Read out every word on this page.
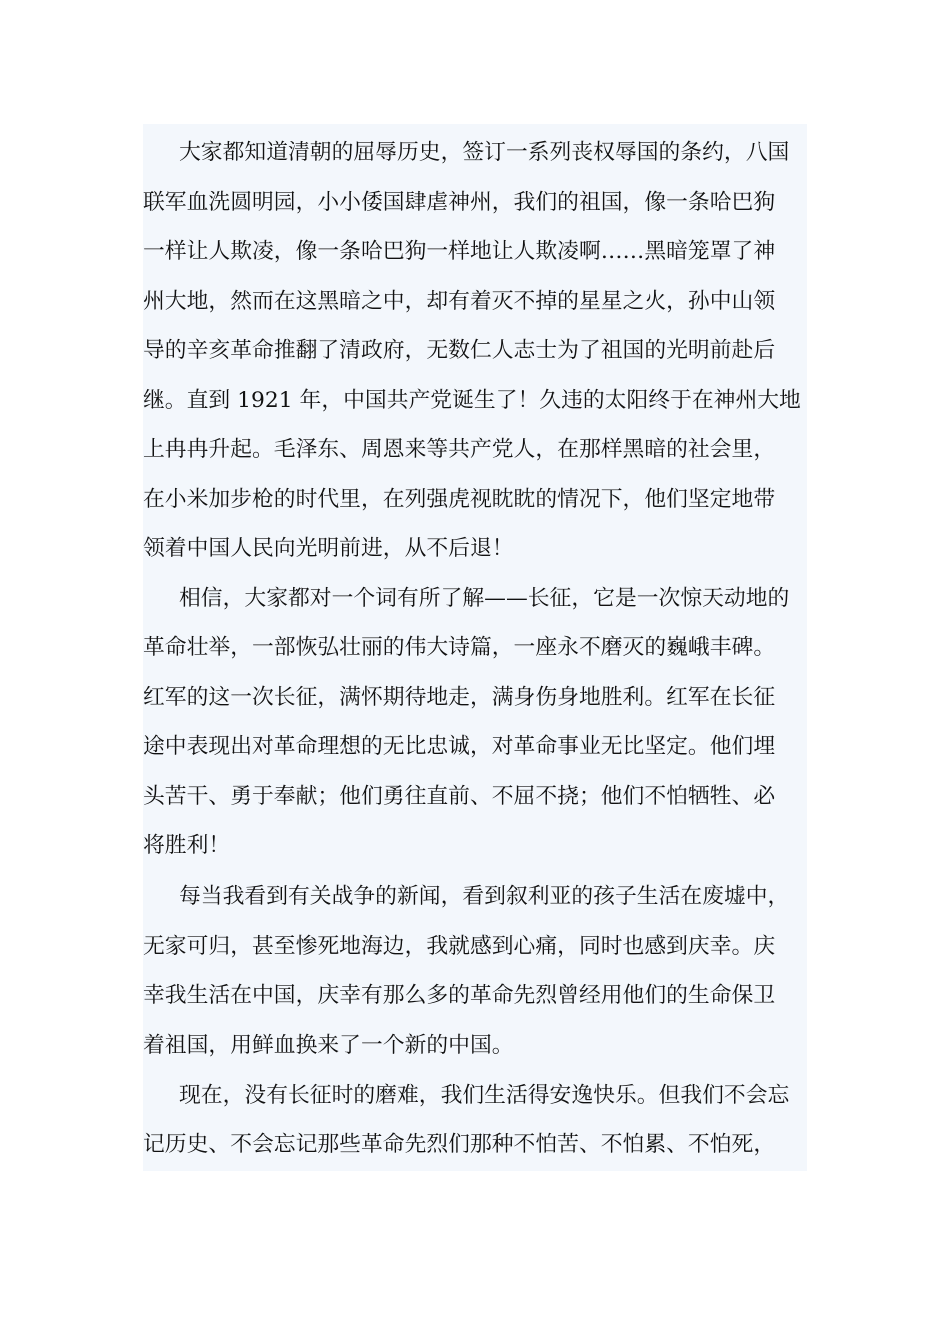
大家都知道清朝的屈辱历史，签订一系列丧权辱国的条约，八国
联军血洗圆明园，小小倭国肆虐神州，我们的祖国，像一条哈巴狗
一样让人欺凌，像一条哈巴狗一样地让人欺凌啊……黑暗笼罩了神
州大地，然而在这黑暗之中，却有着灭不掉的星星之火，孙中山领
导的辛亥革命推翻了清政府，无数仁人志士为了祖国的光明前赴后
继。直到 1921 年，中国共产党诞生了！久违的太阳终于在神州大地
上冉冉升起。毛泽东、周恩来等共产党人，在那样黑暗的社会里，
在小米加步枪的时代里，在列强虎视眈眈的情况下，他们坚定地带
领着中国人民向光明前进，从不后退！
相信，大家都对一个词有所了解——长征，它是一次惊天动地的
革命壮举，一部恢弘壮丽的伟大诗篇，一座永不磨灭的巍峨丰碑。
红军的这一次长征，满怀期待地走，满身伤身地胜利。红军在长征
途中表现出对革命理想的无比忠诚，对革命事业无比坚定。他们埋
头苦干、勇于奉献；他们勇往直前、不屈不挠；他们不怕牺牲、必
将胜利！
每当我看到有关战争的新闻，看到叙利亚的孩子生活在废墟中，
无家可归，甚至惨死地海边，我就感到心痛，同时也感到庆幸。庆
幸我生活在中国，庆幸有那么多的革命先烈曾经用他们的生命保卫
着祖国，用鲜血换来了一个新的中国。
现在，没有长征时的磨难，我们生活得安逸快乐。但我们不会忘
记历史、不会忘记那些革命先烈们那种不怕苦、不怕累、不怕死，
